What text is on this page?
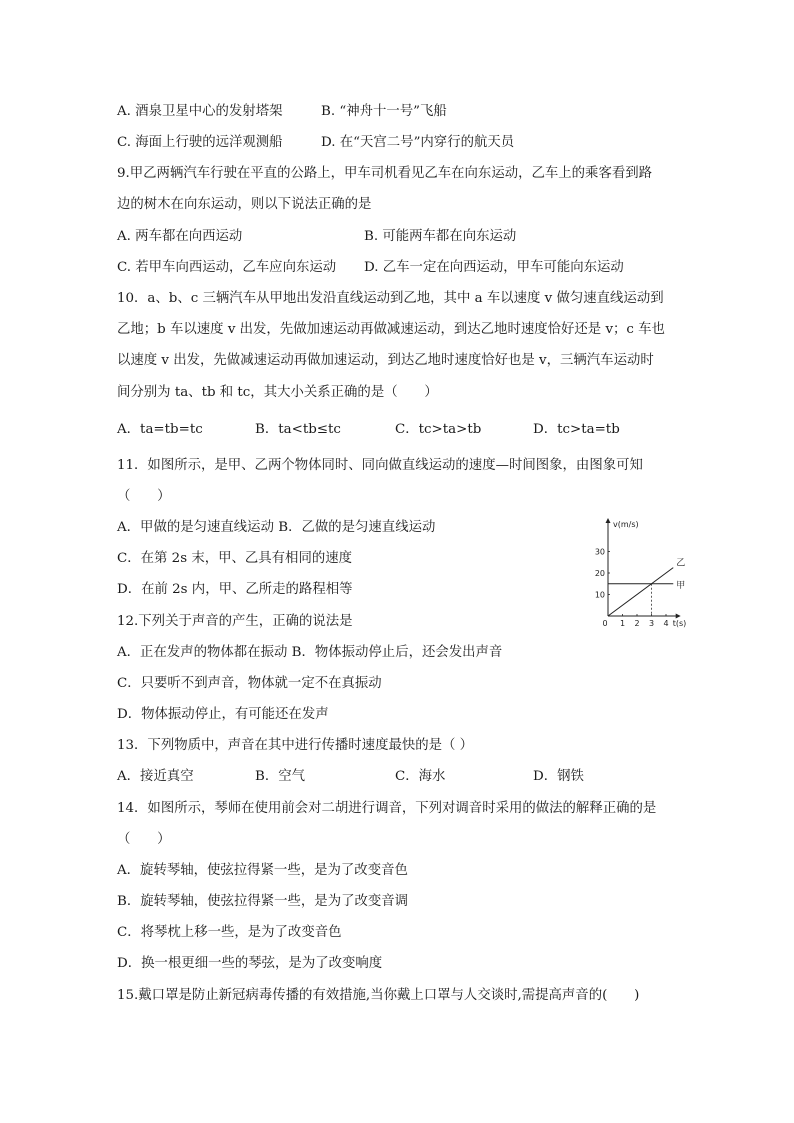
A. 酒泉卫星中心的发射塔架	B. “神舟十一号”飞船
C. 海面上行驶的远洋观测船	D. 在“天宫二号”内穿行的航天员
9.甲乙两辆汽车行驶在平直的公路上，甲车司机看见乙车在向东运动，乙车上的乘客看到路
边的树木在向东运动，则以下说法正确的是
A. 两车都在向西运动	B. 可能两车都在向东运动
C. 若甲车向西运动，乙车应向东运动 D. 乙车一定在向西运动，甲车可能向东运动
10．a、b、c 三辆汽车从甲地出发沿直线运动到乙地，其中 a 车以速度 v 做匀速直线运动到
乙地；b 车以速度 v 出发，先做加速运动再做减速运动，到达乙地时速度恰好还是 v；c 车也
以速度 v 出发，先做减速运动再做加速运动，到达乙地时速度恰好也是 v，三辆汽车运动时
间分别为 ta、tb 和 tc，其大小关系正确的是（　　）
A．ta=tb=tc	B．ta<tb≤tc	C．tc>ta>tb	D．tc>ta=tb
11．如图所示，是甲、乙两个物体同时、同向做直线运动的速度—时间图象，由图象可知
（　　）
A．甲做的是匀速直线运动 B．乙做的是匀速直线运动
C．在第 2s 末，甲、乙具有相同的速度
D．在前 2s 内，甲、乙所走的路程相等
v(m/s)
t(s)
0 1 2 3 4
10
20
30
乙
甲
12.下列关于声音的产生，正确的说法是
A．正在发声的物体都在振动 B．物体振动停止后，还会发出声音
C．只要听不到声音，物体就一定不在真振动
D．物体振动停止，有可能还在发声
13．下列物质中，声音在其中进行传播时速度最快的是（ ）
A．接近真空	B．空气	C．海水	D．钢铁
14．如图所示，琴师在使用前会对二胡进行调音，下列对调音时采用的做法的解释正确的是
（　　）
A．旋转琴轴，使弦拉得紧一些，是为了改变音色
B．旋转琴轴，使弦拉得紧一些，是为了改变音调
C．将琴枕上移一些，是为了改变音色
D．换一根更细一些的琴弦，是为了改变响度
15.戴口罩是防止新冠病毒传播的有效措施,当你戴上口罩与人交谈时,需提高声音的(　　)
